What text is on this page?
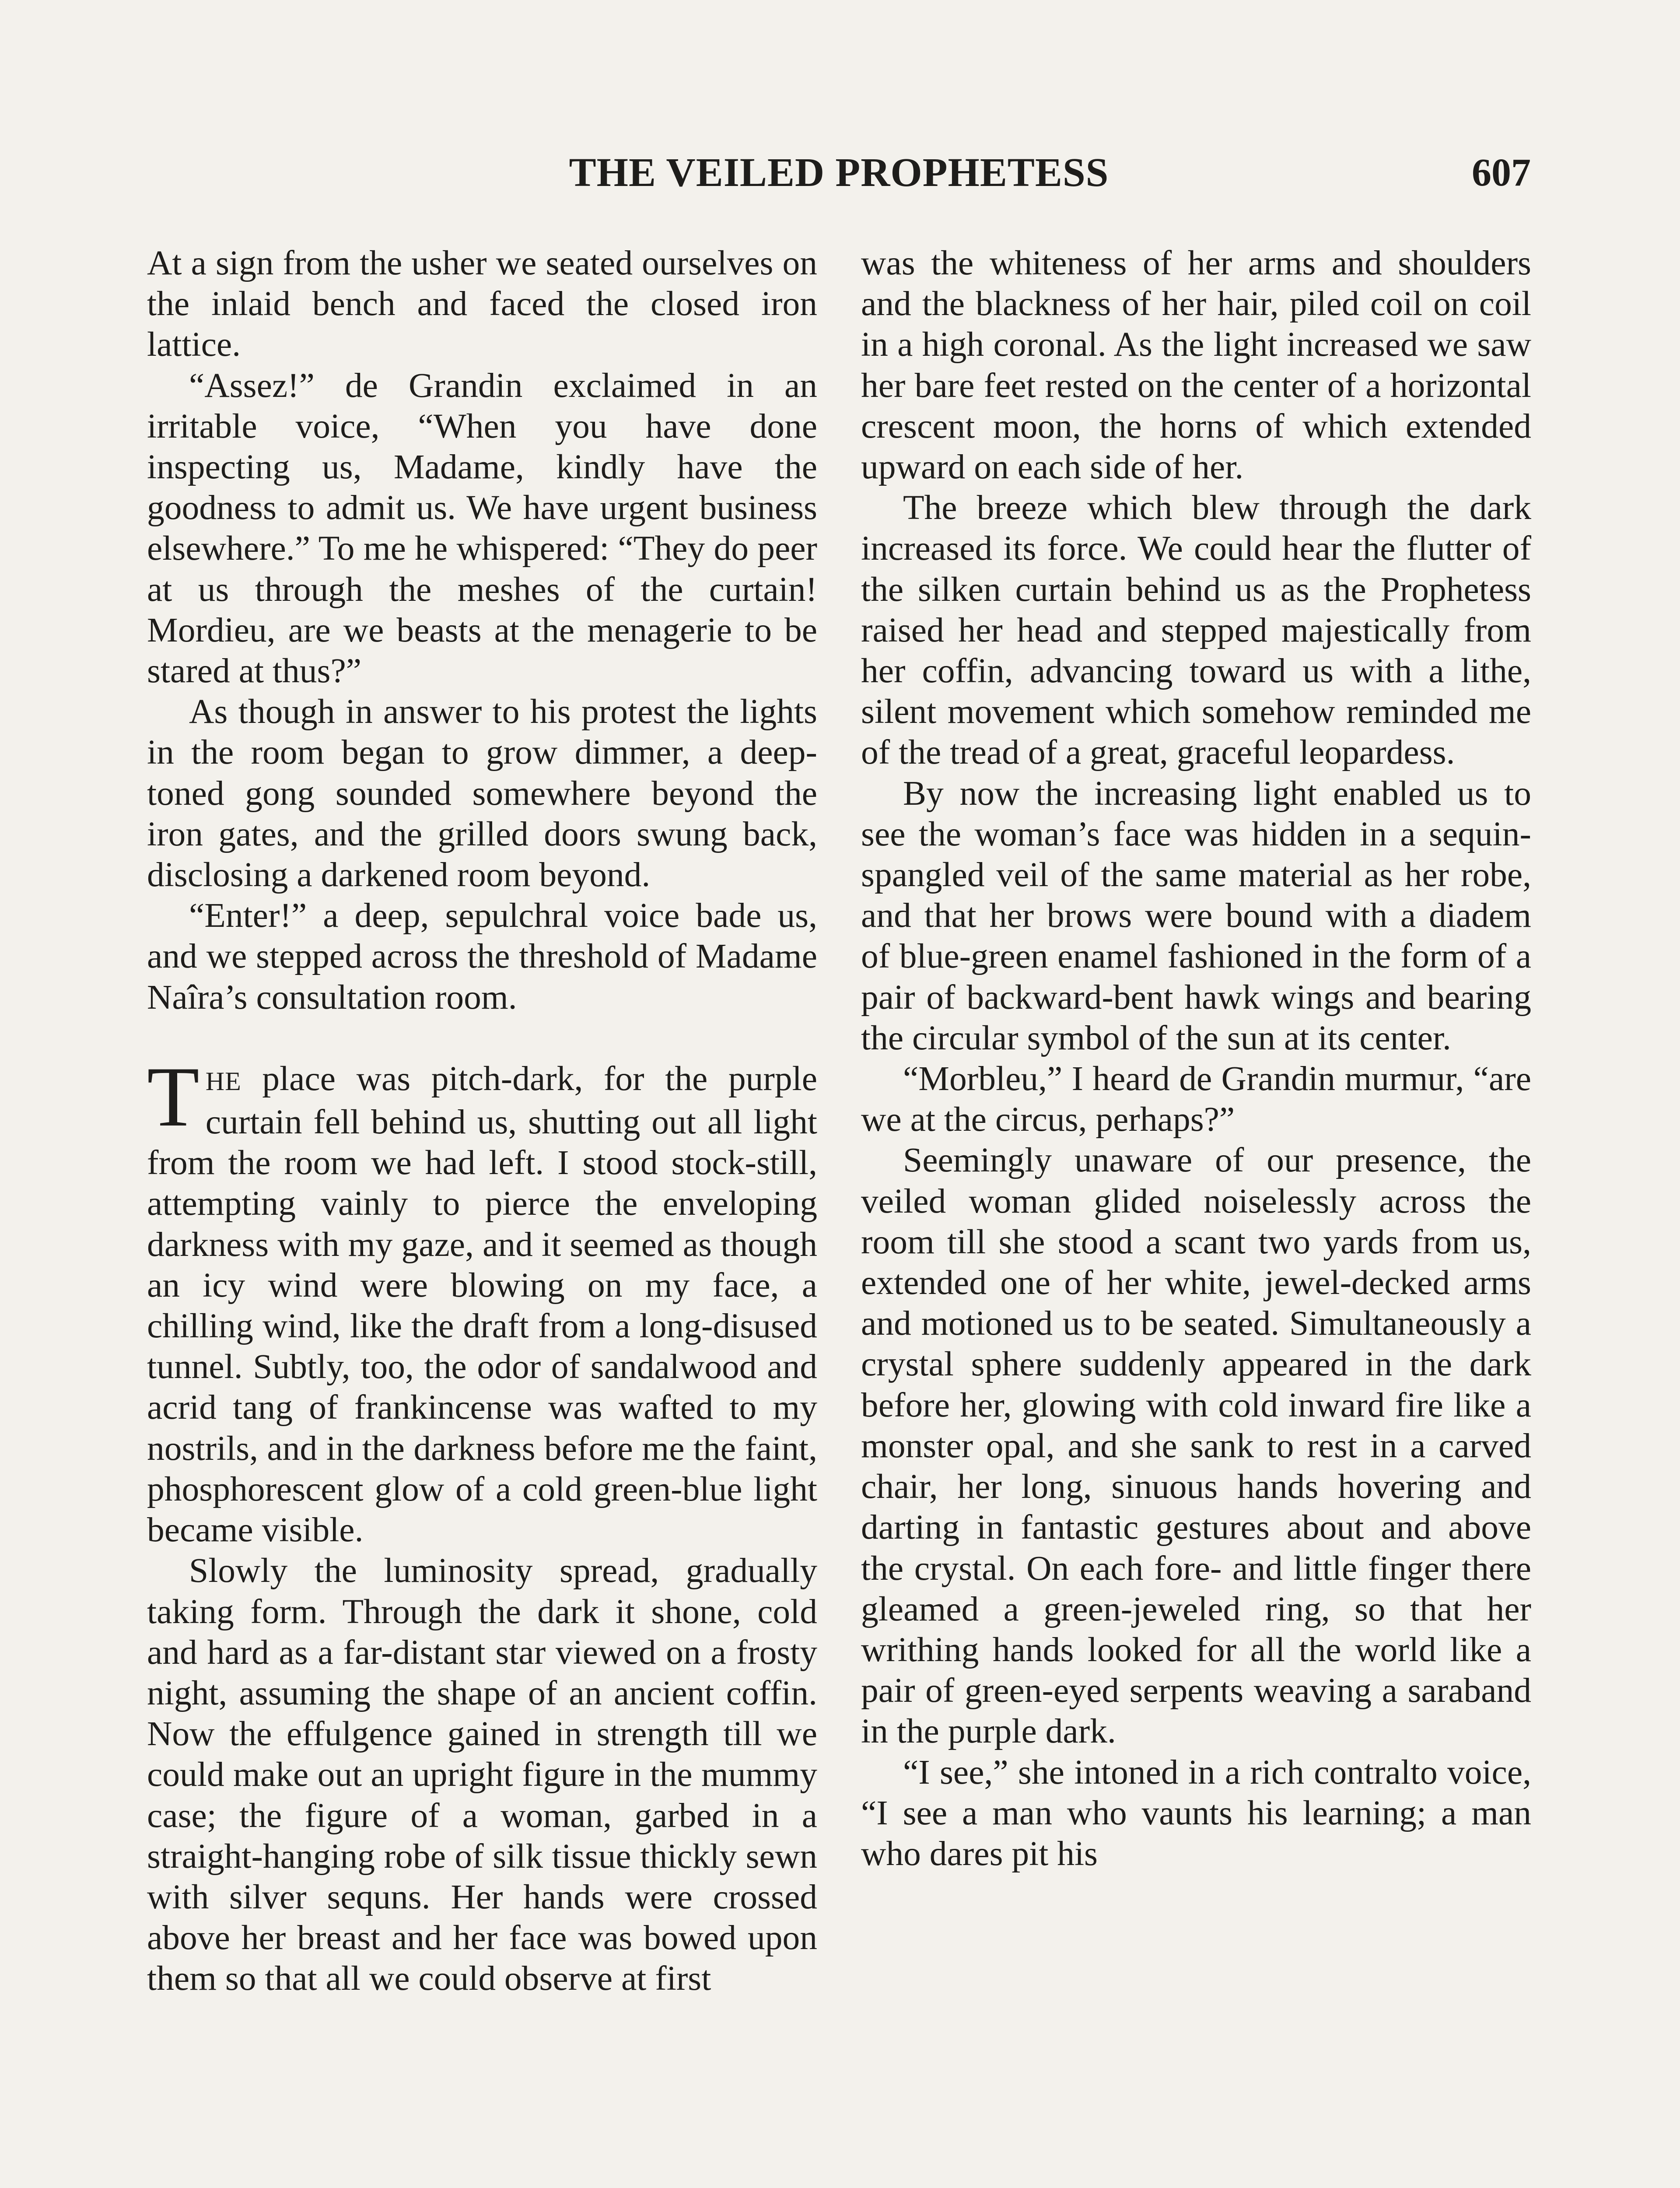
THE VEILED PROPHETESS	607

At a sign from the usher we seated ourselves on the inlaid bench and faced the closed iron lattice.

“Assez!” de Grandin exclaimed in an irritable voice, “When you have done inspecting us, Madame, kindly have the goodness to admit us. We have urgent business elsewhere.” To me he whispered: “They do peer at us through the meshes of the curtain! Mordieu, are we beasts at the menagerie to be stared at thus?”

As though in answer to his protest the lights in the room began to grow dimmer, a deep-toned gong sounded somewhere beyond the iron gates, and the grilled doors swung back, disclosing a darkened room beyond.

“Enter!” a deep, sepulchral voice bade us, and we stepped across the threshold of Madame Naîra’s consultation room.

THE place was pitch-dark, for the purple curtain fell behind us, shutting out all light from the room we had left. I stood stock-still, attempting vainly to pierce the enveloping darkness with my gaze, and it seemed as though an icy wind were blowing on my face, a chilling wind, like the draft from a long-disused tunnel. Subtly, too, the odor of sandalwood and acrid tang of frankincense was wafted to my nostrils, and in the darkness before me the faint, phosphorescent glow of a cold green-blue light became visible.

Slowly the luminosity spread, gradually taking form. Through the dark it shone, cold and hard as a far-distant star viewed on a frosty night, assuming the shape of an ancient coffin. Now the effulgence gained in strength till we could make out an upright figure in the mummy case; the figure of a woman, garbed in a straight-hanging robe of silk tissue thickly sewn with silver sequns. Her hands were crossed above her breast and her face was bowed upon them so that all we could observe at first

was the whiteness of her arms and shoulders and the blackness of her hair, piled coil on coil in a high coronal. As the light increased we saw her bare feet rested on the center of a horizontal crescent moon, the horns of which extended upward on each side of her.

The breeze which blew through the dark increased its force. We could hear the flutter of the silken curtain behind us as the Prophetess raised her head and stepped majestically from her coffin, advancing toward us with a lithe, silent movement which somehow reminded me of the tread of a great, graceful leopardess.

By now the increasing light enabled us to see the woman’s face was hidden in a sequin-spangled veil of the same material as her robe, and that her brows were bound with a diadem of blue-green enamel fashioned in the form of a pair of backward-bent hawk wings and bearing the circular symbol of the sun at its center.

“Morbleu,” I heard de Grandin murmur, “are we at the circus, perhaps?”

Seemingly unaware of our presence, the veiled woman glided noiselessly across the room till she stood a scant two yards from us, extended one of her white, jewel-decked arms and motioned us to be seated. Simultaneously a crystal sphere suddenly appeared in the dark before her, glowing with cold inward fire like a monster opal, and she sank to rest in a carved chair, her long, sinuous hands hovering and darting in fantastic gestures about and above the crystal. On each fore- and little finger there gleamed a green-jeweled ring, so that her writhing hands looked for all the world like a pair of green-eyed serpents weaving a saraband in the purple dark.

“I see,” she intoned in a rich contralto voice, “I see a man who vaunts his learning; a man who dares pit his
